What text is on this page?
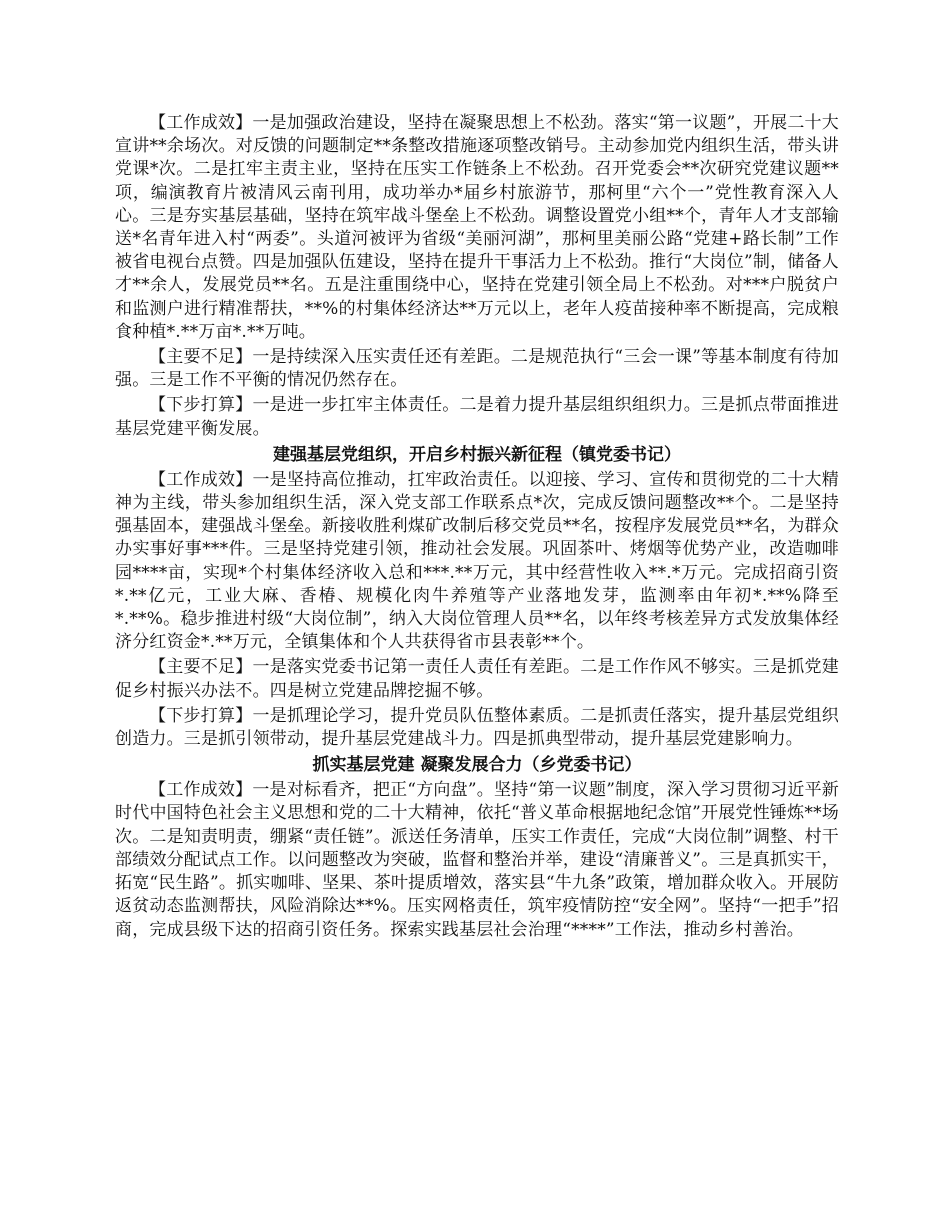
【工作成效】一是加强政治建设，坚持在凝聚思想上不松劲。落实“第一议题”，开展二十大宣讲**余场次。对反馈的问题制定**条整改措施逐项整改销号。主动参加党内组织生活，带头讲党课*次。二是扛牢主责主业，坚持在压实工作链条上不松劲。召开党委会**次研究党建议题**项，编演教育片被清风云南刊用，成功举办*届乡村旅游节，那柯里“六个一”党性教育深入人心。三是夯实基层基础，坚持在筑牢战斗堡垒上不松劲。调整设置党小组**个，青年人才支部输送*名青年进入村“两委”。头道河被评为省级“美丽河湖”，那柯里美丽公路“党建+路长制”工作被省电视台点赞。四是加强队伍建设，坚持在提升干事活力上不松劲。推行“大岗位”制，储备人才**余人，发展党员**名。五是注重围绕中心，坚持在党建引领全局上不松劲。对***户脱贫户和监测户进行精准帮扶，**%的村集体经济达**万元以上，老年人疫苗接种率不断提高，完成粮食种植*.**万亩*.**万吨。

【主要不足】一是持续深入压实责任还有差距。二是规范执行“三会一课”等基本制度有待加强。三是工作不平衡的情况仍然存在。

【下步打算】一是进一步扛牢主体责任。二是着力提升基层组织组织力。三是抓点带面推进基层党建平衡发展。

建强基层党组织，开启乡村振兴新征程（镇党委书记）

【工作成效】一是坚持高位推动，扛牢政治责任。以迎接、学习、宣传和贯彻党的二十大精神为主线，带头参加组织生活，深入党支部工作联系点*次，完成反馈问题整改**个。二是坚持强基固本，建强战斗堡垒。新接收胜利煤矿改制后移交党员**名，按程序发展党员**名，为群众办实事好事***件。三是坚持党建引领，推动社会发展。巩固茶叶、烤烟等优势产业，改造咖啡园****亩，实现*个村集体经济收入总和***.**万元，其中经营性收入**.*万元。完成招商引资*.**亿元，工业大麻、香椿、规模化肉牛养殖等产业落地发芽，监测率由年初*.**%降至*.**%。稳步推进村级“大岗位制”，纳入大岗位管理人员**名，以年终考核差异方式发放集体经济分红资金*.**万元，全镇集体和个人共获得省市县表彰**个。

【主要不足】一是落实党委书记第一责任人责任有差距。二是工作作风不够实。三是抓党建促乡村振兴办法不。四是树立党建品牌挖掘不够。

【下步打算】一是抓理论学习，提升党员队伍整体素质。二是抓责任落实，提升基层党组织创造力。三是抓引领带动，提升基层党建战斗力。四是抓典型带动，提升基层党建影响力。

抓实基层党建 凝聚发展合力（乡党委书记）

【工作成效】一是对标看齐，把正“方向盘”。坚持“第一议题”制度，深入学习贯彻习近平新时代中国特色社会主义思想和党的二十大精神，依托“普义革命根据地纪念馆”开展党性锤炼**场次。二是知责明责，绷紧“责任链”。派送任务清单，压实工作责任，完成“大岗位制”调整、村干部绩效分配试点工作。以问题整改为突破，监督和整治并举，建设“清廉普义”。三是真抓实干，拓宽“民生路”。抓实咖啡、坚果、茶叶提质增效，落实县“牛九条”政策，增加群众收入。开展防返贫动态监测帮扶，风险消除达**%。压实网格责任，筑牢疫情防控“安全网”。坚持“一把手”招商，完成县级下达的招商引资任务。探索实践基层社会治理“****”工作法，推动乡村善治。
